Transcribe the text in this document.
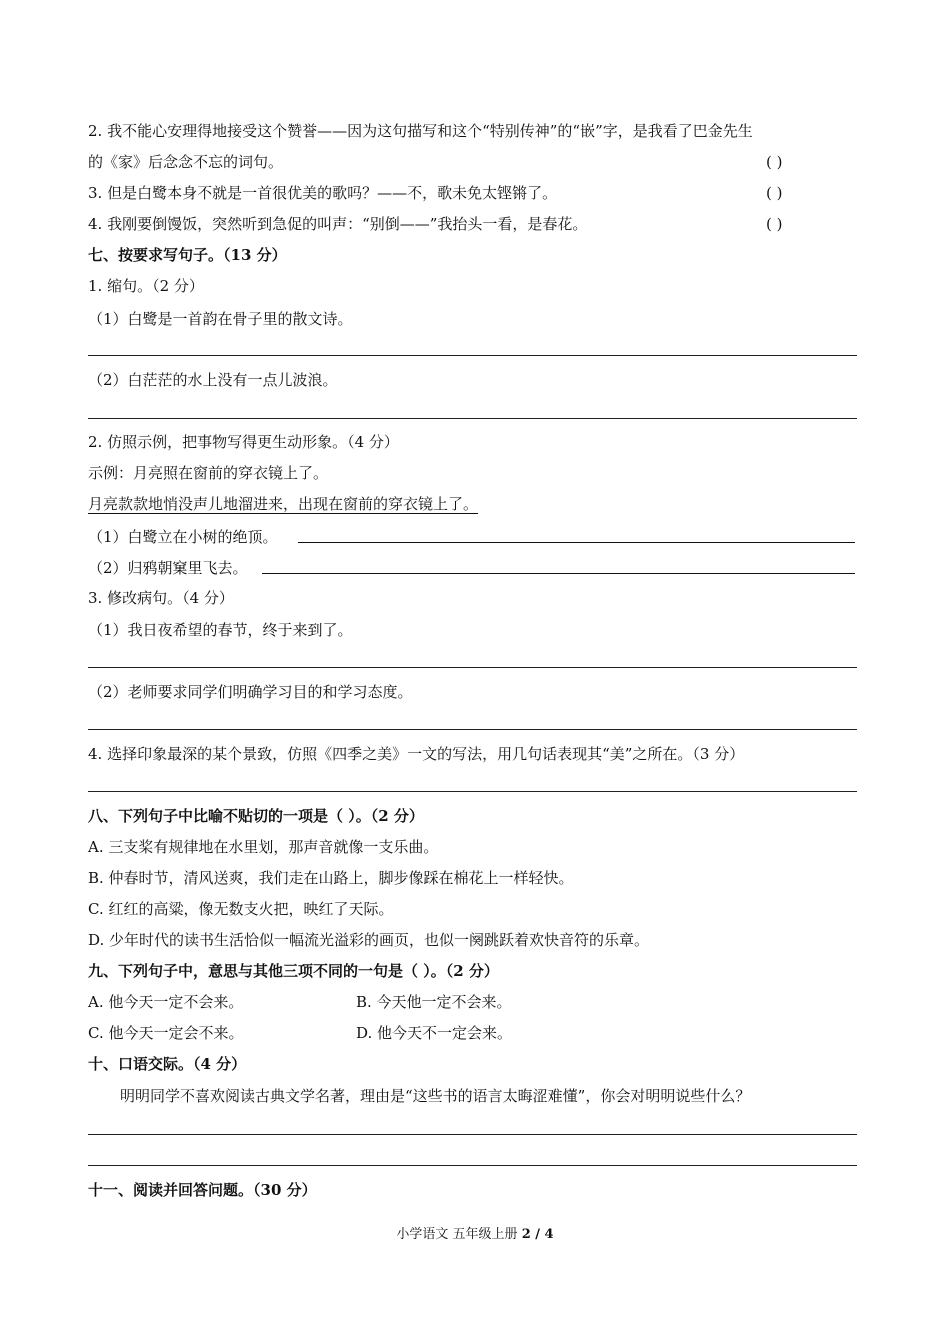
2. 我不能心安理得地接受这个赞誉——因为这句描写和这个“特别传神”的“嵌”字，是我看了巴金先生
的《家》后念念不忘的词句。	( )
3. 但是白鹭本身不就是一首很优美的歌吗？——不，歌未免太铿锵了。	( )
4. 我刚要倒馒饭，突然听到急促的叫声：“别倒——”我抬头一看，是春花。	( )
七、按要求写句子。（13 分）
1. 缩句。（2 分）
（1）白鹭是一首韵在骨子里的散文诗。
（2）白茫茫的水上没有一点儿波浪。
2. 仿照示例，把事物写得更生动形象。（4 分）
示例：月亮照在窗前的穿衣镜上了。
月亮款款地悄没声儿地溜进来，出现在窗前的穿衣镜上了。
（1）白鹭立在小树的绝顶。
（2）归鸦朝窠里飞去。
3. 修改病句。（4 分）
（1）我日夜希望的春节，终于来到了。
（2）老师要求同学们明确学习目的和学习态度。
4. 选择印象最深的某个景致，仿照《四季之美》一文的写法，用几句话表现其“美”之所在。（3 分）
八、下列句子中比喻不贴切的一项是（ ）。（2 分）
A. 三支桨有规律地在水里划，那声音就像一支乐曲。
B. 仲春时节，清风送爽，我们走在山路上，脚步像踩在棉花上一样轻快。
C. 红红的高粱，像无数支火把，映红了天际。
D. 少年时代的读书生活恰似一幅流光溢彩的画页，也似一阕跳跃着欢快音符的乐章。
九、下列句子中，意思与其他三项不同的一句是（ ）。（2 分）
A. 他今天一定不会来。	B. 今天他一定不会来。
C. 他今天一定会不来。	D. 他今天不一定会来。
十、口语交际。（4 分）
明明同学不喜欢阅读古典文学名著，理由是“这些书的语言太晦涩难懂”，你会对明明说些什么？
十一、阅读并回答问题。（30 分）
小学语文 五年级上册 2 / 4
